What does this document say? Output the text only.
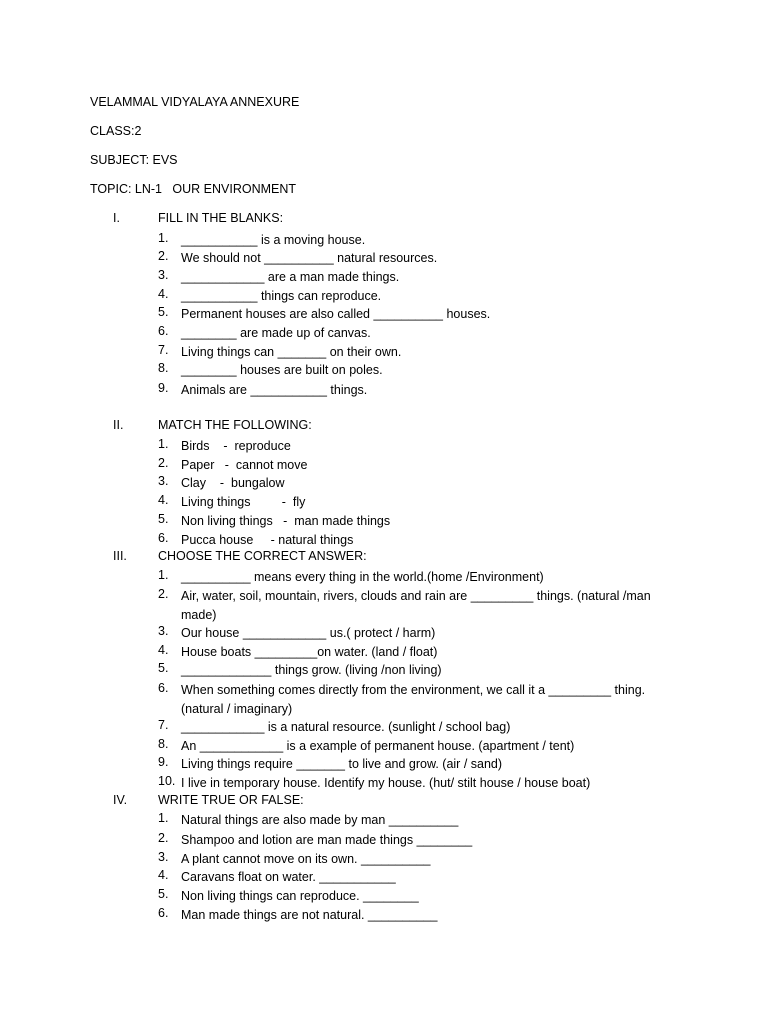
VELAMMAL VIDYALAYA ANNEXURE
CLASS:2
SUBJECT: EVS
TOPIC: LN-1   OUR ENVIRONMENT
I.	FILL IN THE BLANKS:
1. ___________ is a moving house.
2. We should not __________ natural resources.
3. ____________ are a man made things.
4. ___________ things can reproduce.
5. Permanent houses are also called __________ houses.
6. ________ are made up of canvas.
7. Living things can _______ on their own.
8. ________ houses are built on poles.
9. Animals are ___________ things.
II.	MATCH THE FOLLOWING:
1. Birds    -  reproduce
2. Paper   -  cannot move
3. Clay    -  bungalow
4. Living things         -  fly
5. Non living things   -  man made things
6. Pucca house     - natural things
III. CHOOSE THE CORRECT ANSWER:
1. __________ means every thing in the world.(home /Environment)
2. Air, water, soil, mountain, rivers, clouds and rain are _________ things. (natural /man made)
3. Our house ____________ us.( protect / harm)
4. House boats _________on water. (land / float)
5. _____________ things grow. (living /non living)
6. When something comes directly from the environment, we call it a _________ thing. (natural / imaginary)
7. ____________ is a natural resource. (sunlight / school bag)
8. An ____________ is a example of permanent house. (apartment / tent)
9. Living things require _______ to live and grow. (air / sand)
10. I live in temporary house. Identify my house. (hut/ stilt house / house boat)
IV. WRITE TRUE OR FALSE:
1. Natural things are also made by man __________
2. Shampoo and lotion are man made things ________
3. A plant cannot move on its own. __________
4. Caravans float on water. ___________
5. Non living things can reproduce. ________
6. Man made things are not natural. __________
